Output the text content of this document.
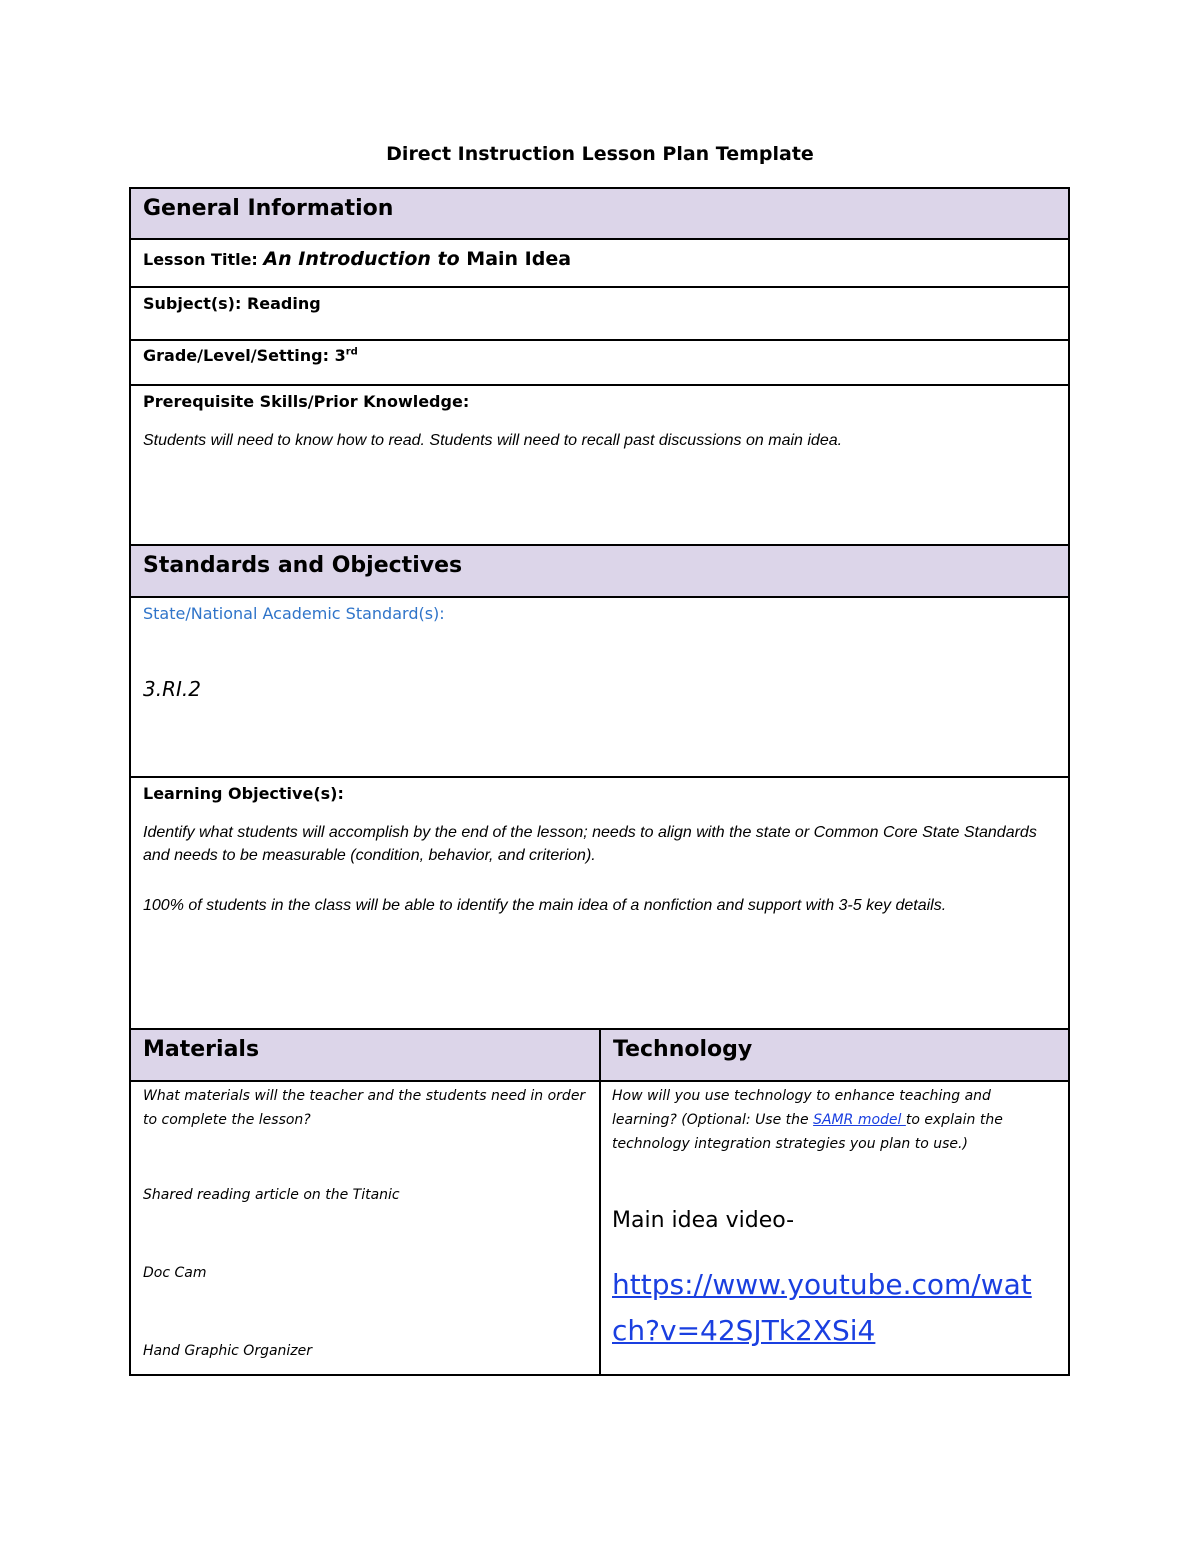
Direct Instruction Lesson Plan Template
General Information
Lesson Title: An Introduction to Main Idea
Subject(s): Reading
Grade/Level/Setting: 3rd
Prerequisite Skills/Prior Knowledge:
Students will need to know how to read. Students will need to recall past discussions on main idea.
Standards and Objectives
State/National Academic Standard(s):
3.RI.2
Learning Objective(s):
Identify what students will accomplish by the end of the lesson; needs to align with the state or Common Core State Standards and needs to be measurable (condition, behavior, and criterion).
100% of students in the class will be able to identify the main idea of a nonfiction and support with 3-5 key details.
Materials	Technology
What materials will the teacher and the students need in order to complete the lesson?
Shared reading article on the Titanic
Doc Cam
Hand Graphic Organizer
How will you use technology to enhance teaching and learning? (Optional: Use the SAMR model to explain the technology integration strategies you plan to use.)
Main idea video-
https://www.youtube.com/wat
ch?v=42SJTk2XSi4
